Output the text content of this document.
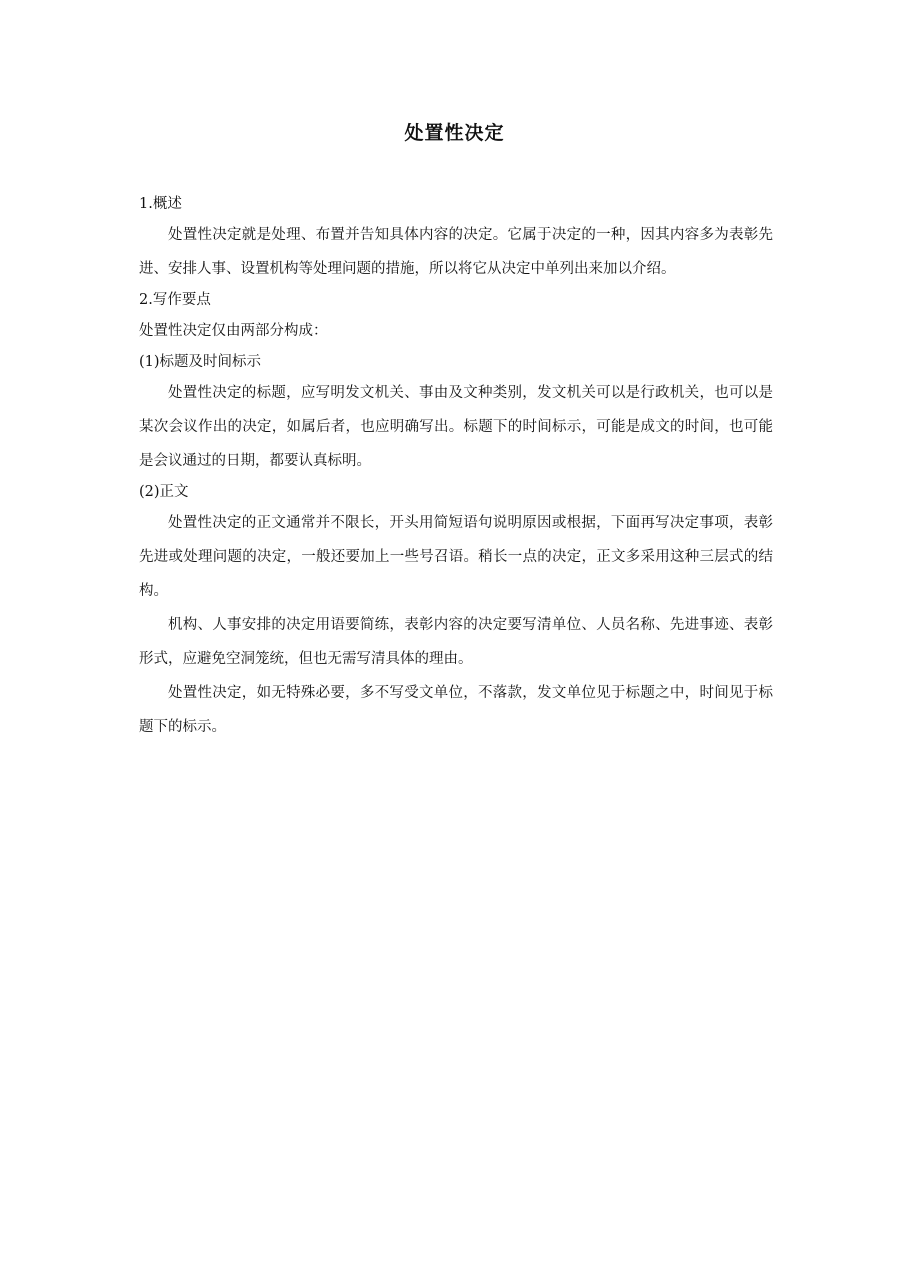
处置性决定

1.概述

处置性决定就是处理、布置并告知具体内容的决定。它属于决定的一种，因其内容多为表彰先进、安排人事、设置机构等处理问题的措施，所以将它从决定中单列出来加以介绍。

2.写作要点

处置性决定仅由两部分构成：

(1)标题及时间标示

处置性决定的标题，应写明发文机关、事由及文种类别，发文机关可以是行政机关，也可以是某次会议作出的决定，如属后者，也应明确写出。标题下的时间标示，可能是成文的时间，也可能是会议通过的日期，都要认真标明。

(2)正文

处置性决定的正文通常并不限长，开头用简短语句说明原因或根据，下面再写决定事项，表彰先进或处理问题的决定，一般还要加上一些号召语。稍长一点的决定，正文多采用这种三层式的结构。

机构、人事安排的决定用语要简练，表彰内容的决定要写清单位、人员名称、先进事迹、表彰形式，应避免空洞笼统，但也无需写清具体的理由。

处置性决定，如无特殊必要，多不写受文单位，不落款，发文单位见于标题之中，时间见于标题下的标示。
